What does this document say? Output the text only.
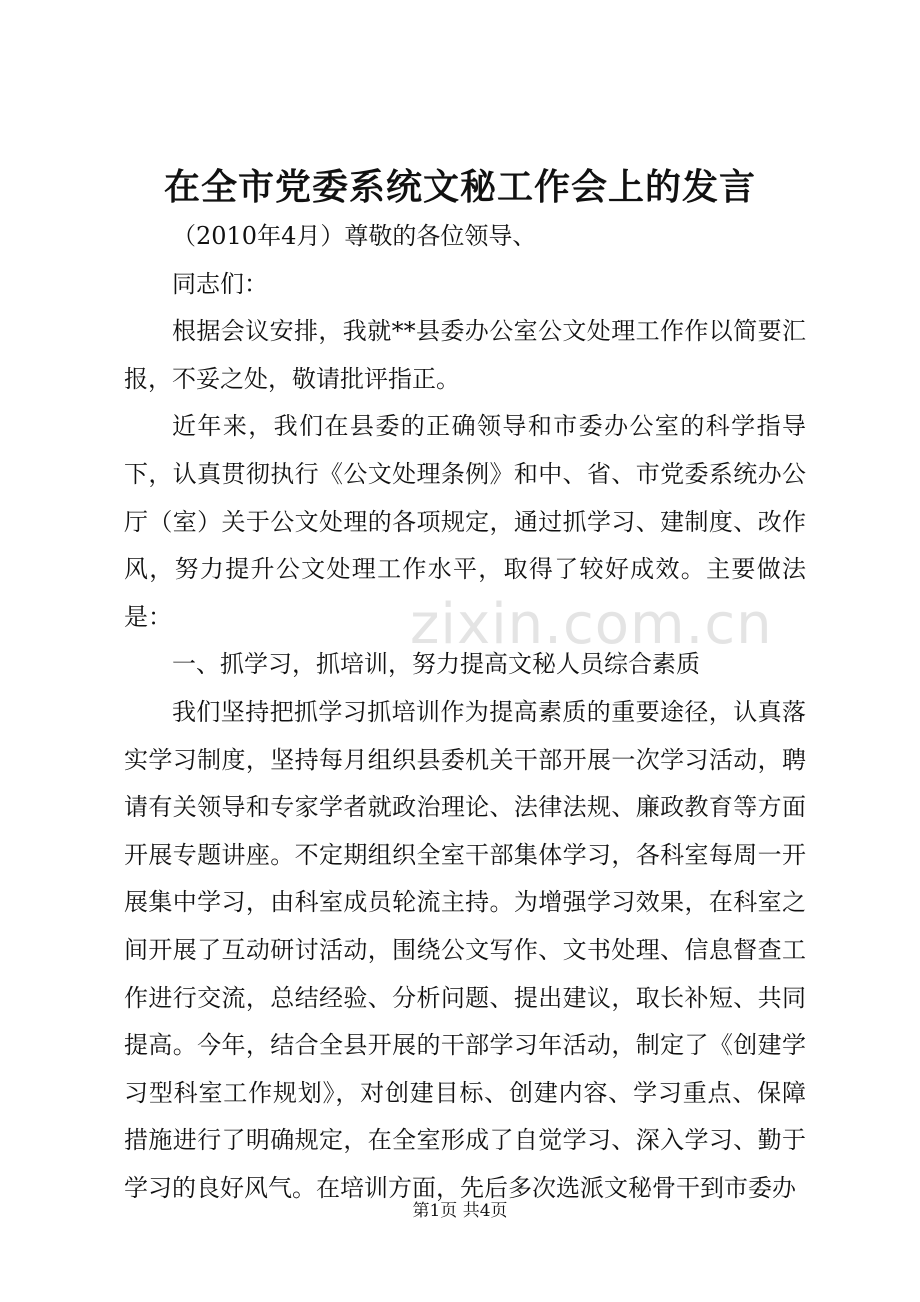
在全市党委系统文秘工作会上的发言
zixin.com.cn

（2010年4月）尊敬的各位领导、

同志们：

根据会议安排，我就**县委办公室公文处理工作作以简要汇报，不妥之处，敬请批评指正。

近年来，我们在县委的正确领导和市委办公室的科学指导下，认真贯彻执行《公文处理条例》和中、省、市党委系统办公厅（室）关于公文处理的各项规定，通过抓学习、建制度、改作风，努力提升公文处理工作水平，取得了较好成效。主要做法是：

一、抓学习，抓培训，努力提高文秘人员综合素质

我们坚持把抓学习抓培训作为提高素质的重要途径，认真落实学习制度，坚持每月组织县委机关干部开展一次学习活动，聘请有关领导和专家学者就政治理论、法律法规、廉政教育等方面开展专题讲座。不定期组织全室干部集体学习，各科室每周一开展集中学习，由科室成员轮流主持。为增强学习效果，在科室之间开展了互动研讨活动，围绕公文写作、文书处理、信息督查工作进行交流，总结经验、分析问题、提出建议，取长补短、共同提高。今年，结合全县开展的干部学习年活动，制定了《创建学习型科室工作规划》，对创建目标、创建内容、学习重点、保障措施进行了明确规定，在全室形成了自觉学习、深入学习、勤于学习的良好风气。在培训方面，先后多次选派文秘骨干到市委办

第1页 共4页
